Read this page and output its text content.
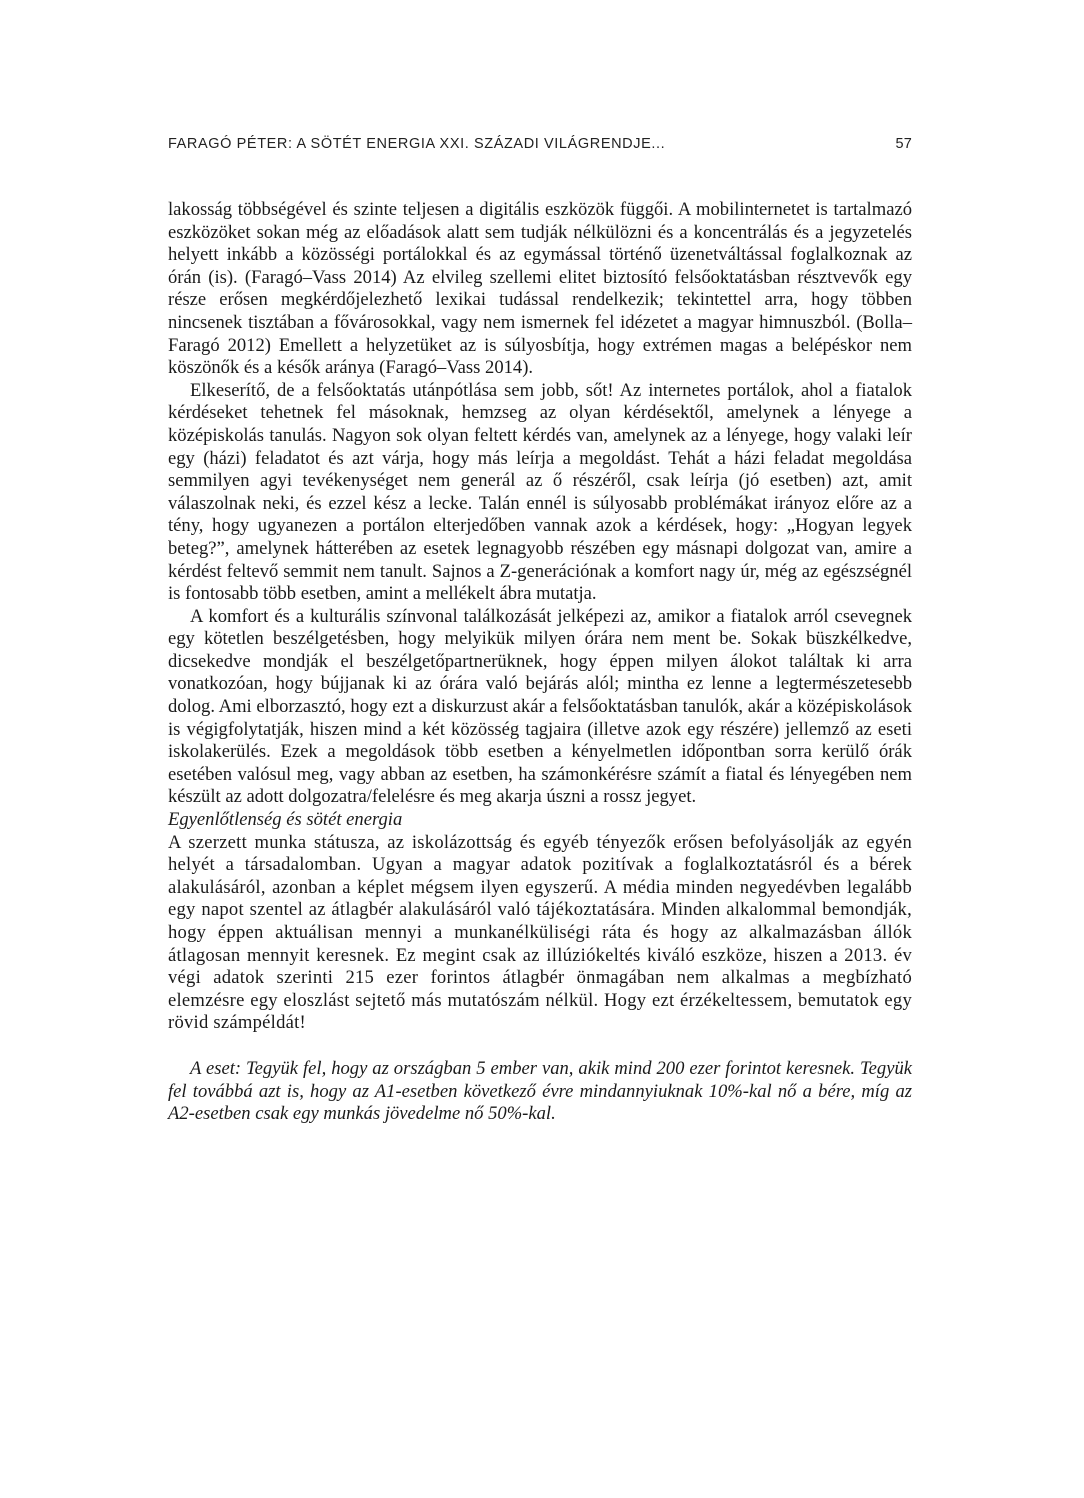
FARAGÓ PÉTER: A SÖTÉT ENERGIA XXI. SZÁZADI VILÁGRENDJE...	57

lakosság többségével és szinte teljesen a digitális eszközök függői. A mobilinternetet is tartalmazó eszközöket sokan még az előadások alatt sem tudják nélkülözni és a koncentrálás és a jegyzetelés helyett inkább a közösségi portálokkal és az egymással történő üzenetváltással foglalkoznak az órán (is). (Faragó–Vass 2014) Az elvileg szellemi elitet biztosító felsőoktatásban résztvevők egy része erősen megkérdőjelezhető lexikai tudással rendelkezik; tekintettel arra, hogy többen nincsenek tisztában a fővárosokkal, vagy nem ismernek fel idézetet a magyar himnuszból. (Bolla–Faragó 2012) Emellett a helyzetüket az is súlyosbítja, hogy extrémen magas a belépéskor nem köszönők és a késők aránya (Faragó–Vass 2014).

Elkeserítő, de a felsőoktatás utánpótlása sem jobb, sőt! Az internetes portálok, ahol a fiatalok kérdéseket tehetnek fel másoknak, hemzseg az olyan kérdésektől, amelynek a lényege a középiskolás tanulás. Nagyon sok olyan feltett kérdés van, amelynek az a lényege, hogy valaki leír egy (házi) feladatot és azt várja, hogy más leírja a megoldást. Tehát a házi feladat megoldása semmilyen agyi tevékenységet nem generál az ő részéről, csak leírja (jó esetben) azt, amit válaszolnak neki, és ezzel kész a lecke. Talán ennél is súlyosabb problémákat irányoz előre az a tény, hogy ugyanezen a portálon elterjedőben vannak azok a kérdések, hogy: „Hogyan legyek beteg?”, amelynek hátterében az esetek legnagyobb részében egy másnapi dolgozat van, amire a kérdést feltevő semmit nem tanult. Sajnos a Z-generációnak a komfort nagy úr, még az egészségnél is fontosabb több esetben, amint a mellékelt ábra mutatja.

A komfort és a kulturális színvonal találkozását jelképezi az, amikor a fiatalok arról csevegnek egy kötetlen beszélgetésben, hogy melyikük milyen órára nem ment be. Sokak büszkélkedve, dicsekedve mondják el beszélgetőpartnerüknek, hogy éppen milyen álokot találtak ki arra vonatkozóan, hogy bújjanak ki az órára való bejárás alól; mintha ez lenne a legtermészetesebb dolog. Ami elborzasztó, hogy ezt a diskurzust akár a felsőoktatásban tanulók, akár a középiskolások is végigfolytatják, hiszen mind a két közösség tagjaira (illetve azok egy részére) jellemző az eseti iskolakerülés. Ezek a megoldások több esetben a kényelmetlen időpontban sorra kerülő órák esetében valósul meg, vagy abban az esetben, ha számonkérésre számít a fiatal és lényegében nem készült az adott dolgozatra/felelésre és meg akarja úszni a rossz jegyet.

Egyenlőtlenség és sötét energia

A szerzett munka státusza, az iskolázottság és egyéb tényezők erősen befolyásolják az egyén helyét a társadalomban. Ugyan a magyar adatok pozitívak a foglalkoztatásról és a bérek alakulásáról, azonban a képlet mégsem ilyen egyszerű. A média minden negyedévben legalább egy napot szentel az átlagbér alakulásáról való tájékoztatására. Minden alkalommal bemondják, hogy éppen aktuálisan mennyi a munkanélküliségi ráta és hogy az alkalmazásban állók átlagosan mennyit keresnek. Ez megint csak az illúziókeltés kiváló eszköze, hiszen a 2013. év végi adatok szerinti 215 ezer forintos átlagbér önmagában nem alkalmas a megbízható elemzésre egy eloszlást sejtető más mutatószám nélkül. Hogy ezt érzékeltessem, bemutatok egy rövid számpéldát!

A eset: Tegyük fel, hogy az országban 5 ember van, akik mind 200 ezer forintot keresnek. Tegyük fel továbbá azt is, hogy az A1-esetben következő évre mindannyiuknak 10%-kal nő a bére, míg az A2-esetben csak egy munkás jövedelme nő 50%-kal.
